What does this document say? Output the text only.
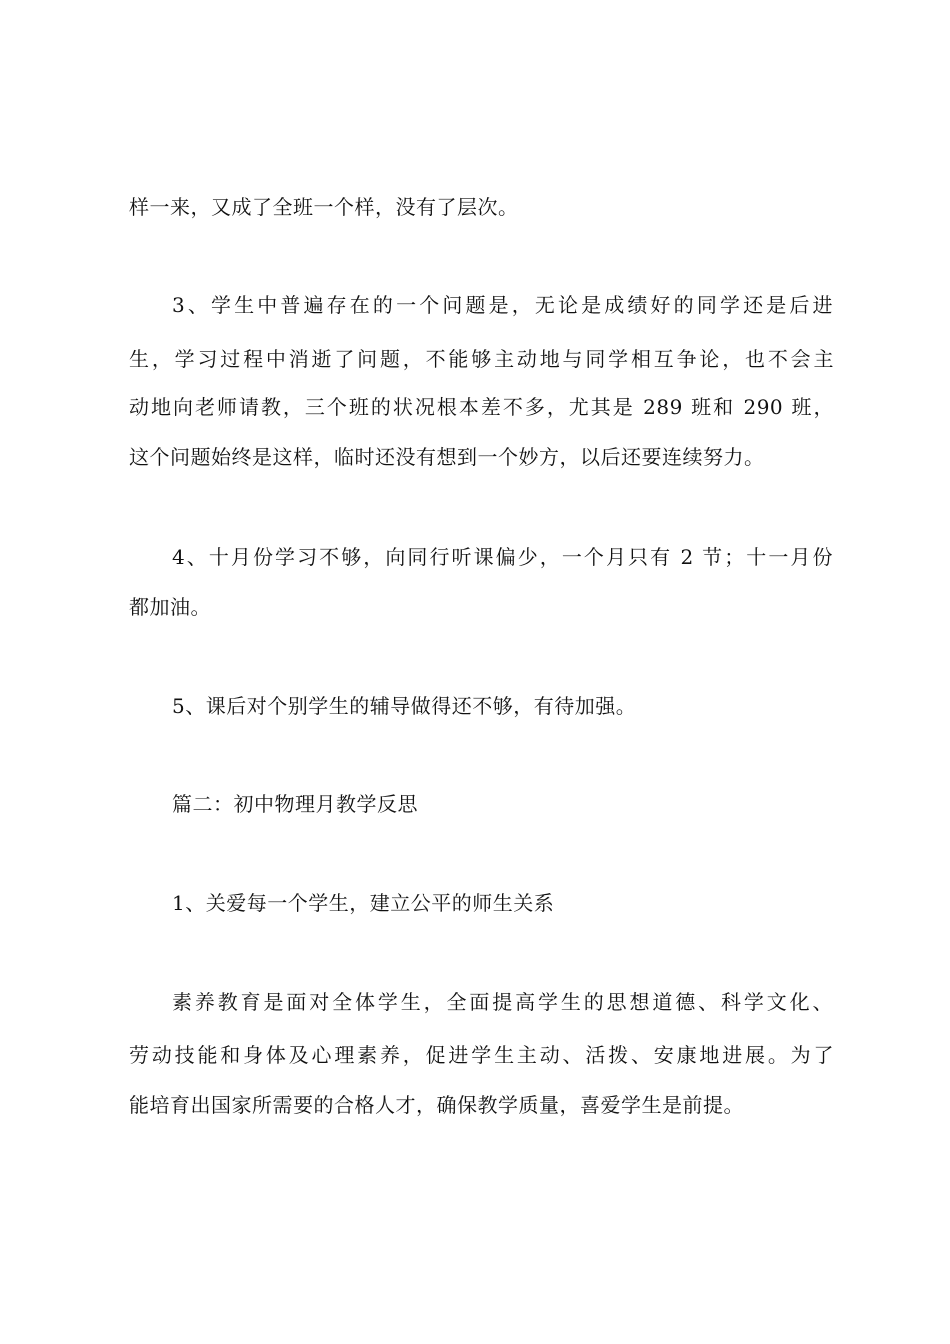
样一来，又成了全班一个样，没有了层次。
3、学生中普遍存在的一个问题是，无论是成绩好的同学还是后进
生，学习过程中消逝了问题，不能够主动地与同学相互争论，也不会主
动地向老师请教，三个班的状况根本差不多，尤其是 289 班和 290 班，
这个问题始终是这样，临时还没有想到一个妙方，以后还要连续努力。
4、十月份学习不够，向同行听课偏少，一个月只有 2 节；十一月份
都加油。
5、课后对个别学生的辅导做得还不够，有待加强。
篇二：初中物理月教学反思
1、关爱每一个学生，建立公平的师生关系
素养教育是面对全体学生，全面提高学生的思想道德、科学文化、
劳动技能和身体及心理素养，促进学生主动、活拨、安康地进展。为了
能培育出国家所需要的合格人才，确保教学质量，喜爱学生是前提。
